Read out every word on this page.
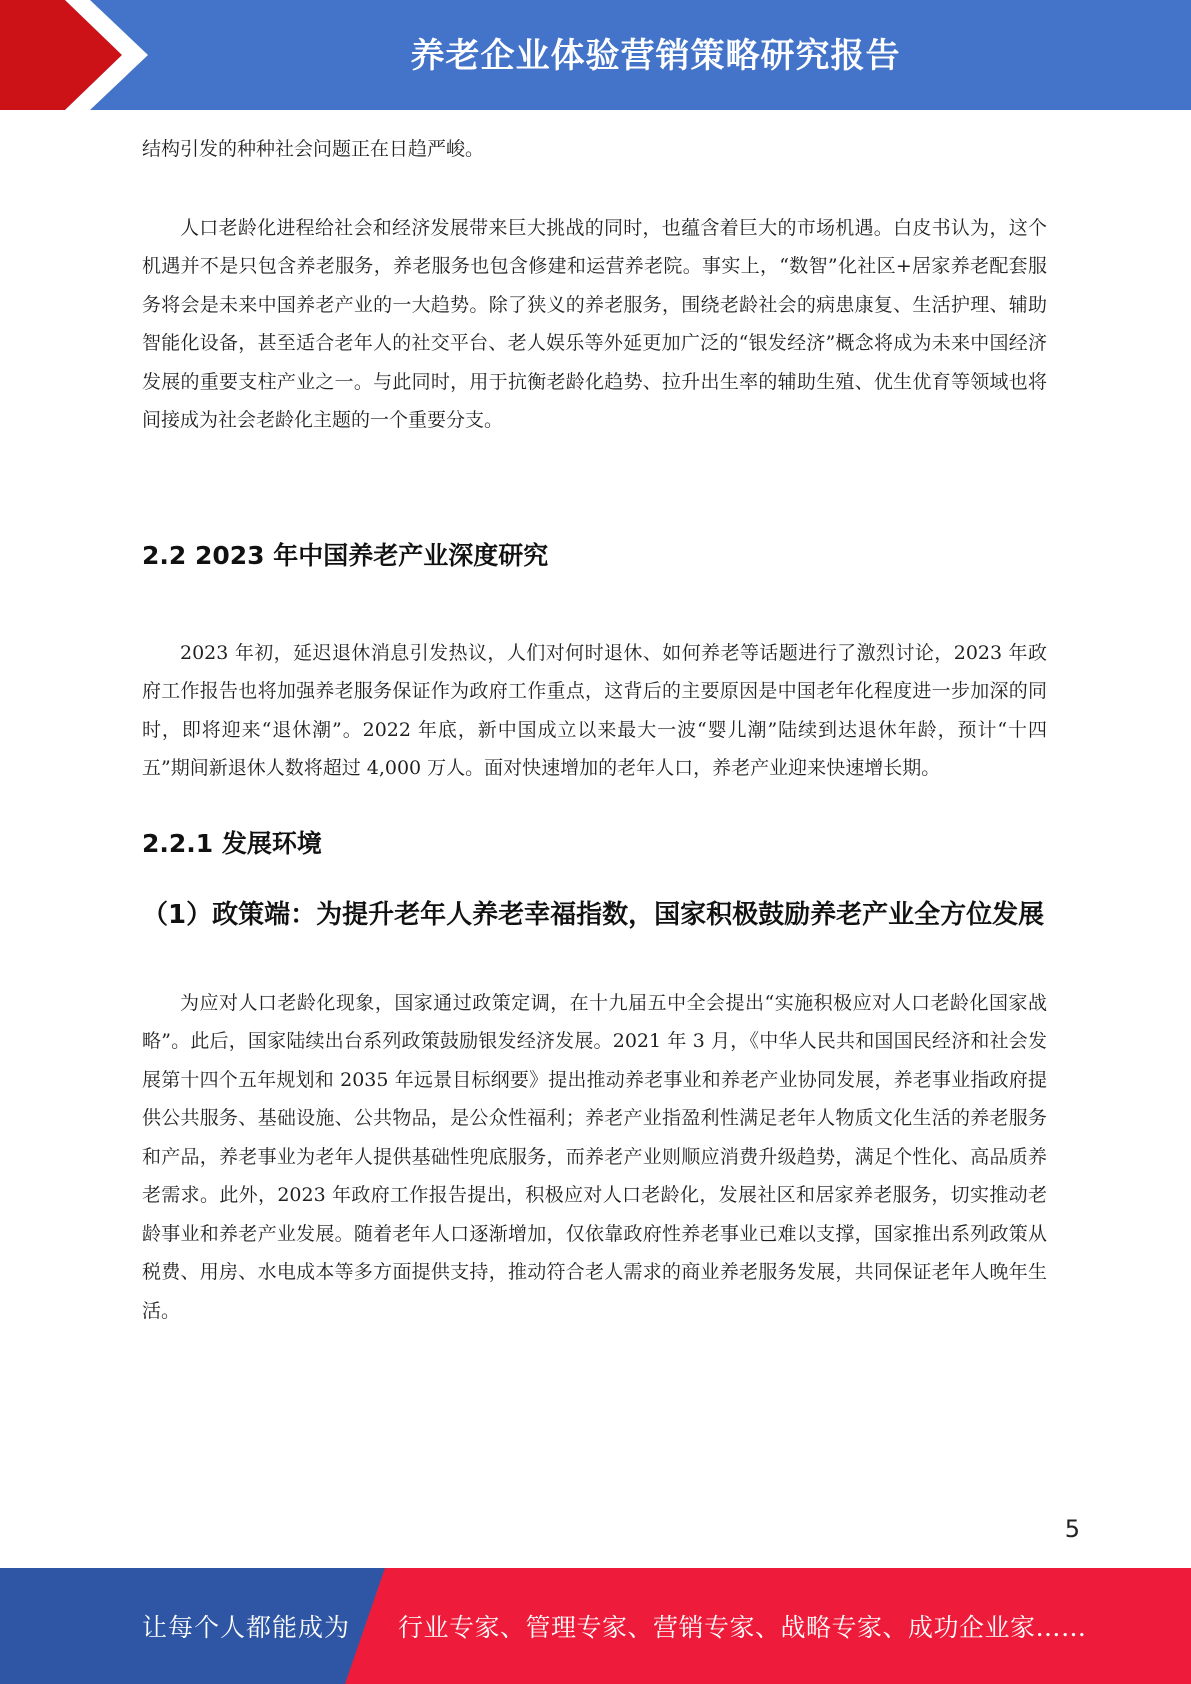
养老企业体验营销策略研究报告

结构引发的种种社会问题正在日趋严峻。

人口老龄化进程给社会和经济发展带来巨大挑战的同时，也蕴含着巨大的市场机遇。白皮书认为，这个机遇并不是只包含养老服务，养老服务也包含修建和运营养老院。事实上，“数智”化社区+居家养老配套服务将会是未来中国养老产业的一大趋势。除了狭义的养老服务，围绕老龄社会的病患康复、生活护理、辅助智能化设备，甚至适合老年人的社交平台、老人娱乐等外延更加广泛的“银发经济”概念将成为未来中国经济发展的重要支柱产业之一。与此同时，用于抗衡老龄化趋势、拉升出生率的辅助生殖、优生优育等领域也将间接成为社会老龄化主题的一个重要分支。

2.2 2023 年中国养老产业深度研究

2023 年初，延迟退休消息引发热议，人们对何时退休、如何养老等话题进行了激烈讨论，2023 年政府工作报告也将加强养老服务保证作为政府工作重点，这背后的主要原因是中国老年化程度进一步加深的同时，即将迎来“退休潮”。2022 年底，新中国成立以来最大一波“婴儿潮”陆续到达退休年龄，预计“十四五”期间新退休人数将超过 4,000 万人。面对快速增加的老年人口，养老产业迎来快速增长期。

2.2.1 发展环境
（1）政策端：为提升老年人养老幸福指数，国家积极鼓励养老产业全方位发展

为应对人口老龄化现象，国家通过政策定调，在十九届五中全会提出“实施积极应对人口老龄化国家战略”。此后，国家陆续出台系列政策鼓励银发经济发展。2021 年 3 月，《中华人民共和国国民经济和社会发展第十四个五年规划和 2035 年远景目标纲要》提出推动养老事业和养老产业协同发展，养老事业指政府提供公共服务、基础设施、公共物品，是公众性福利；养老产业指盈利性满足老年人物质文化生活的养老服务和产品，养老事业为老年人提供基础性兜底服务，而养老产业则顺应消费升级趋势，满足个性化、高品质养老需求。此外，2023 年政府工作报告提出，积极应对人口老龄化，发展社区和居家养老服务，切实推动老龄事业和养老产业发展。随着老年人口逐渐增加，仅依靠政府性养老事业已难以支撑，国家推出系列政策从税费、用房、水电成本等多方面提供支持，推动符合老人需求的商业养老服务发展，共同保证老年人晚年生活。

5
让每个人都能成为 行业专家、管理专家、营销专家、战略专家、成功企业家……
